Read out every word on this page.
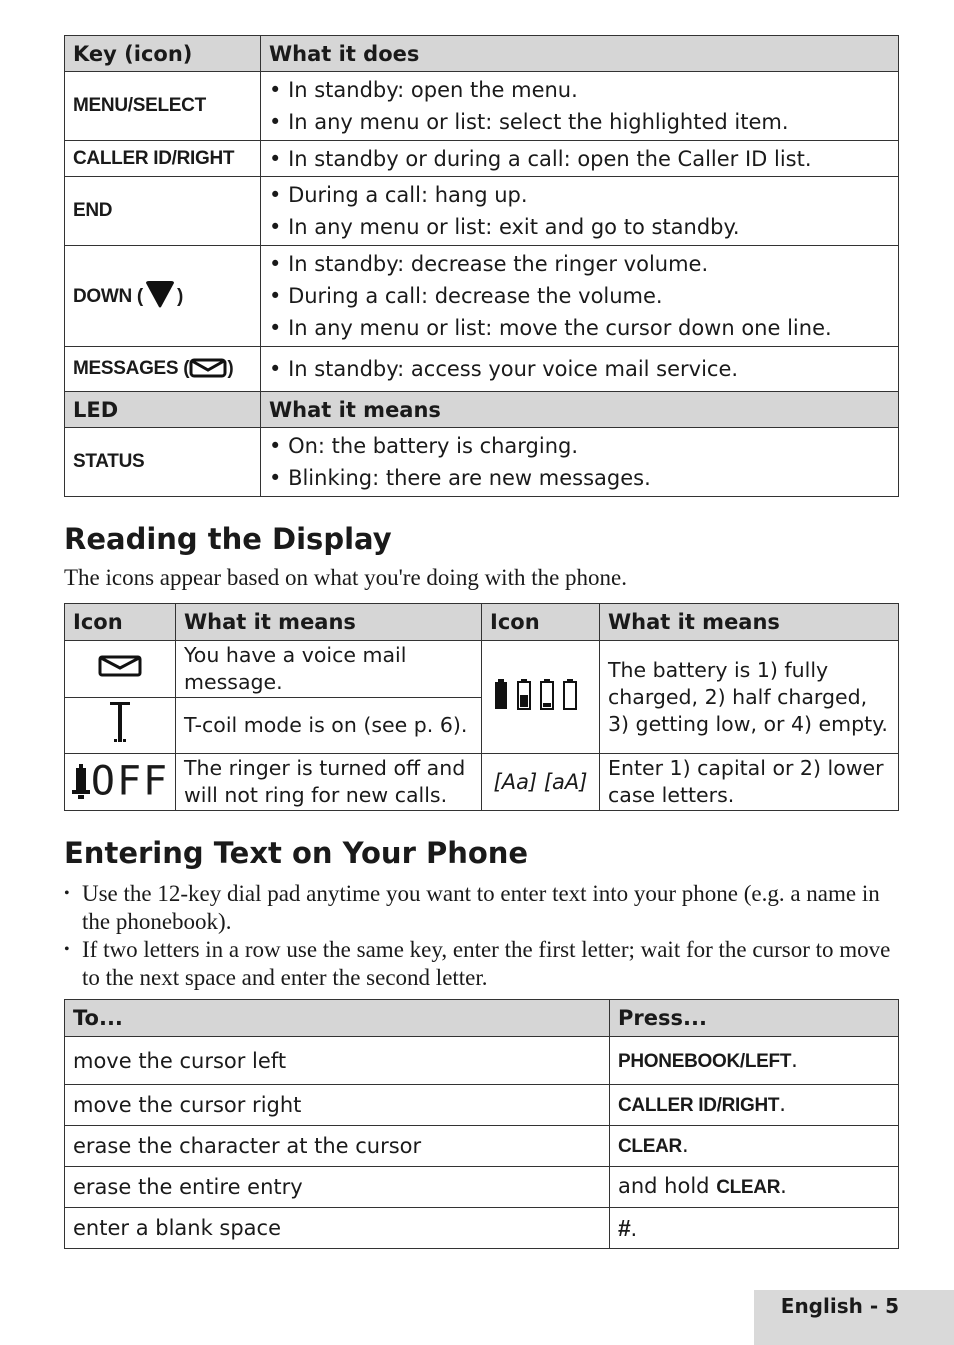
Key (icon)	What it does
MENU/SELECT	• In standby: open the menu.
• In any menu or list: select the highlighted item.

CALLER ID/RIGHT	• In standby or during a call: open the Caller ID list.

END	• During a call: hang up.
• In any menu or list: exit and go to standby.

DOWN ( )	• In standby: decrease the ringer volume.
• During a call: decrease the volume.
• In any menu or list: move the cursor down one line.

MESSAGES ( )	• In standby: access your voice mail service.

LED	What it means
STATUS	• On: the battery is charging.
• Blinking: there are new messages.
Reading the Display

The icons appear based on what you're doing with the phone.

Icon	What it means	Icon	What it means
	You have a voice mail message.		The battery is 1) fully charged, 2) half charged, 3) getting low, or 4) empty.
	T-coil mode is on (see p. 6).		
OFF	The ringer is turned off and will not ring for new calls.	[Aa] [aA]	Enter 1) capital or 2) lower case letters.
Entering Text on Your Phone
• Use the 12-key dial pad anytime you want to enter text into your phone (e.g. a name in the phonebook).
• If two letters in a row use the same key, enter the first letter; wait for the cursor to move to the next space and enter the second letter.
To...	Press...
move the cursor left	PHONEBOOK/LEFT.
move the cursor right	CALLER ID/RIGHT.
erase the character at the cursor	CLEAR.
erase the entire entry	and hold CLEAR.
enter a blank space	#.
English - 5
